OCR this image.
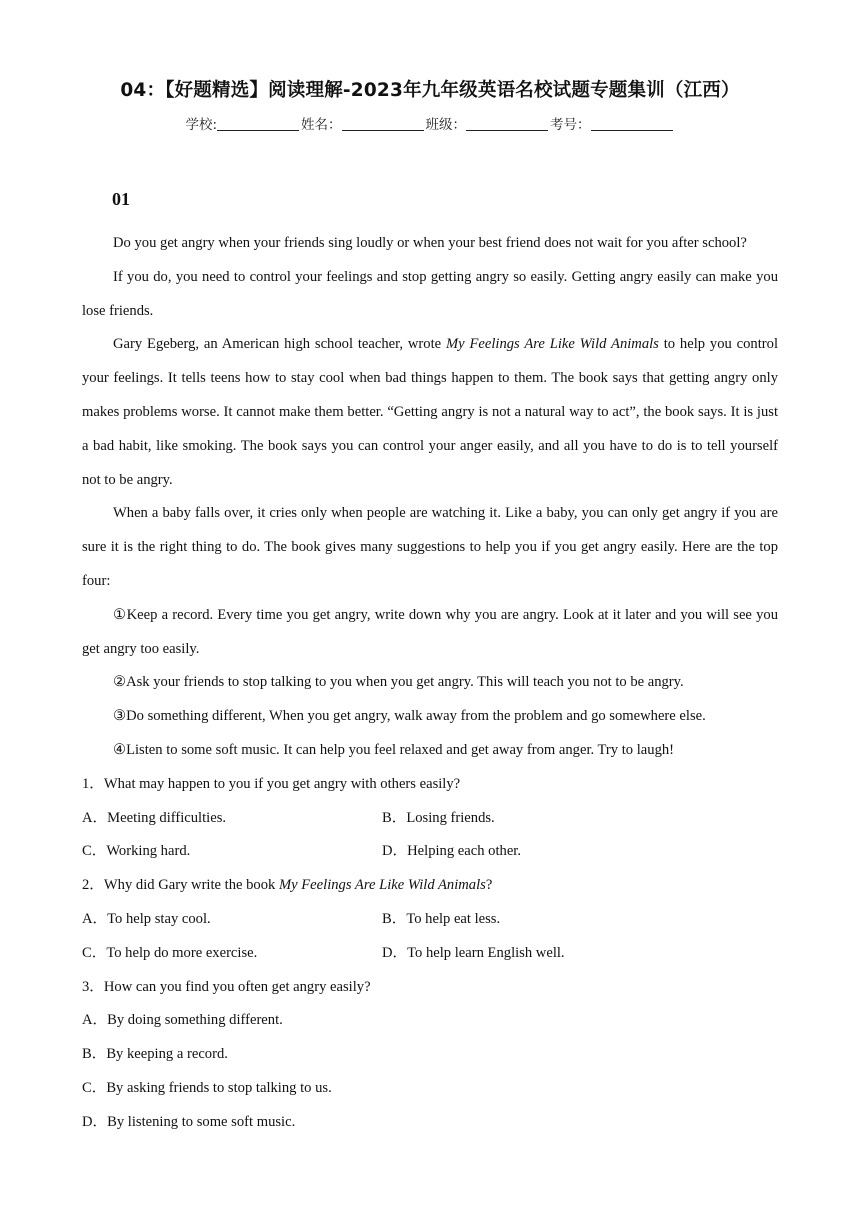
04：【好题精选】阅读理解-2023年九年级英语名校试题专题集训（江西）
学校:	姓名：	班级：	考号：
01

Do you get angry when your friends sing loudly or when your best friend does not wait for you after school?

If you do, you need to control your feelings and stop getting angry so easily. Getting angry easily can make you lose friends.

Gary Egeberg, an American high school teacher, wrote My Feelings Are Like Wild Animals to help you control your feelings. It tells teens how to stay cool when bad things happen to them. The book says that getting angry only makes problems worse. It cannot make them better. “Getting angry is not a natural way to act”, the book says. It is just a bad habit, like smoking. The book says you can control your anger easily, and all you have to do is to tell yourself not to be angry.

When a baby falls over, it cries only when people are watching it. Like a baby, you can only get angry if you are sure it is the right thing to do. The book gives many suggestions to help you if you get angry easily. Here are the top four:

①Keep a record. Every time you get angry, write down why you are angry. Look at it later and you will see you get angry too easily.

②Ask your friends to stop talking to you when you get angry. This will teach you not to be angry.

③Do something different, When you get angry, walk away from the problem and go somewhere else.

④Listen to some soft music. It can help you feel relaxed and get away from anger. Try to laugh!

1．What may happen to you if you get angry with others easily?

A．Meeting difficulties.	B．Losing friends.
C．Working hard.	D．Helping each other.

2．Why did Gary write the book My Feelings Are Like Wild Animals?

A．To help stay cool.	B．To help eat less.
C．To help do more exercise.	D．To help learn English well.

3．How can you find you often get angry easily?

A．By doing something different.

B．By keeping a record.

C．By asking friends to stop talking to us.

D．By listening to some soft music.
